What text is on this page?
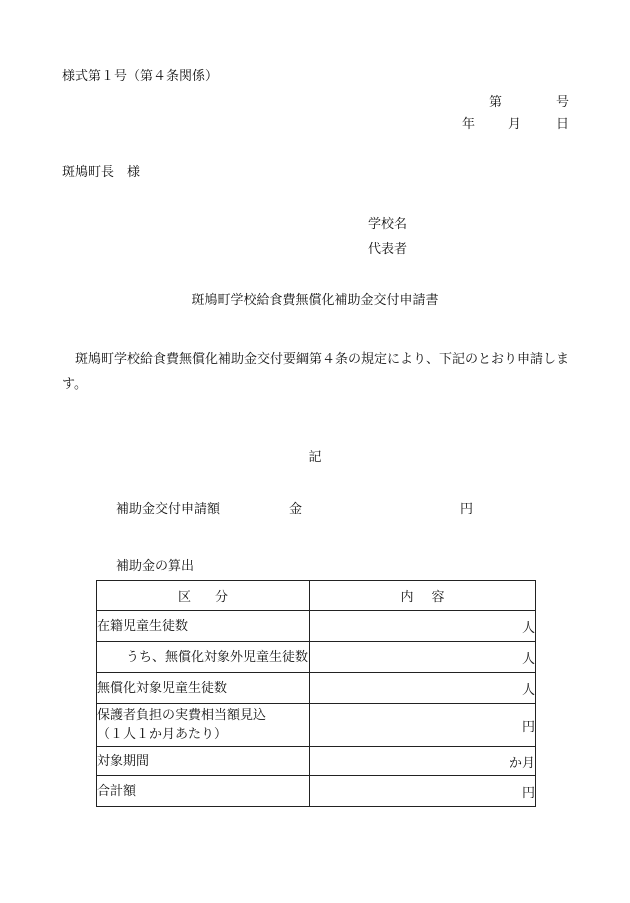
様式第１号（第４条関係）
第	号
年	月	日
斑鳩町長　様
学校名
代表者
斑鳩町学校給食費無償化補助金交付申請書
斑鳩町学校給食費無償化補助金交付要綱第４条の規定により、下記のとおり申請します。
記
補助金交付申請額	金	円
補助金の算出
区分	内容
在籍児童生徒数	人
うち、無償化対象外児童生徒数	人
無償化対象児童生徒数	人

保護者負担の実費相当額見込
（１人１か月あたり）	円
対象期間	か月
合計額	円
